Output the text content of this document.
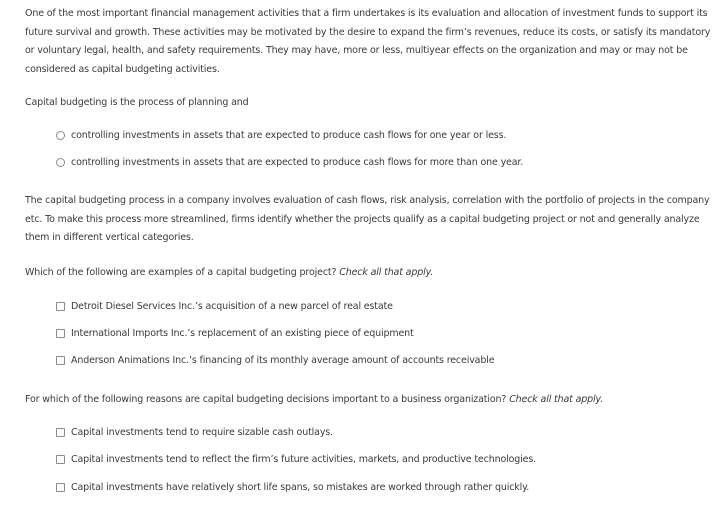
One of the most important financial management activities that a firm undertakes is its evaluation and allocation of investment funds to support its future survival and growth. These activities may be motivated by the desire to expand the firm’s revenues, reduce its costs, or satisfy its mandatory or voluntary legal, health, and safety requirements. They may have, more or less, multiyear effects on the organization and may or may not be considered as capital budgeting activities.

Capital budgeting is the process of planning and
controlling investments in assets that are expected to produce cash flows for one year or less.
controlling investments in assets that are expected to produce cash flows for more than one year.

The capital budgeting process in a company involves evaluation of cash flows, risk analysis, correlation with the portfolio of projects in the company etc. To make this process more streamlined, firms identify whether the projects qualify as a capital budgeting project or not and generally analyze them in different vertical categories.

Which of the following are examples of a capital budgeting project? Check all that apply.
Detroit Diesel Services Inc.’s acquisition of a new parcel of real estate
International Imports Inc.’s replacement of an existing piece of equipment
Anderson Animations Inc.’s financing of its monthly average amount of accounts receivable
For which of the following reasons are capital budgeting decisions important to a business organization? Check all that apply.
Capital investments tend to require sizable cash outlays.
Capital investments tend to reflect the firm’s future activities, markets, and productive technologies.
Capital investments have relatively short life spans, so mistakes are worked through rather quickly.
